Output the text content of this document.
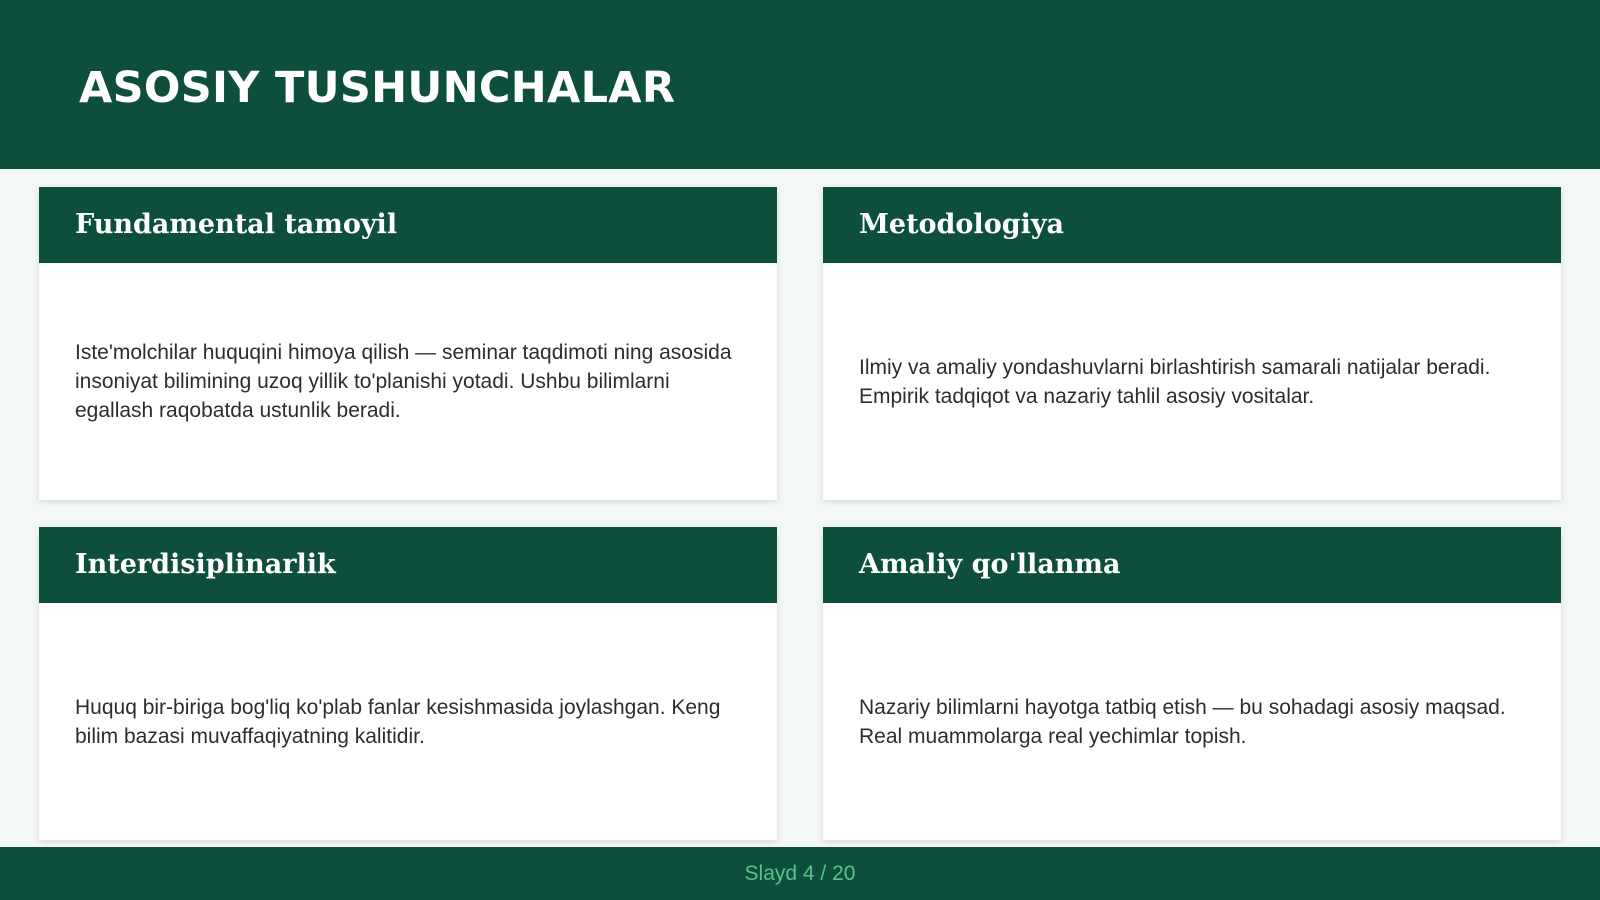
ASOSIY TUSHUNCHALAR
Fundamental tamoyil

Iste'molchilar huquqini himoya qilish — seminar taqdimoti ning asosida insoniyat bilimining uzoq yillik to'planishi yotadi. Ushbu bilimlarni egallash raqobatda ustunlik beradi.

Metodologiya

Ilmiy va amaliy yondashuvlarni birlashtirish samarali natijalar beradi. Empirik tadqiqot va nazariy tahlil asosiy vositalar.

Interdisiplinarlik

Huquq bir-biriga bog'liq ko'plab fanlar kesishmasida joylashgan. Keng bilim bazasi muvaffaqiyatning kalitidir.

Amaliy qo'llanma

Nazariy bilimlarni hayotga tatbiq etish — bu sohadagi asosiy maqsad. Real muammolarga real yechimlar topish.

Slayd 4 / 20
